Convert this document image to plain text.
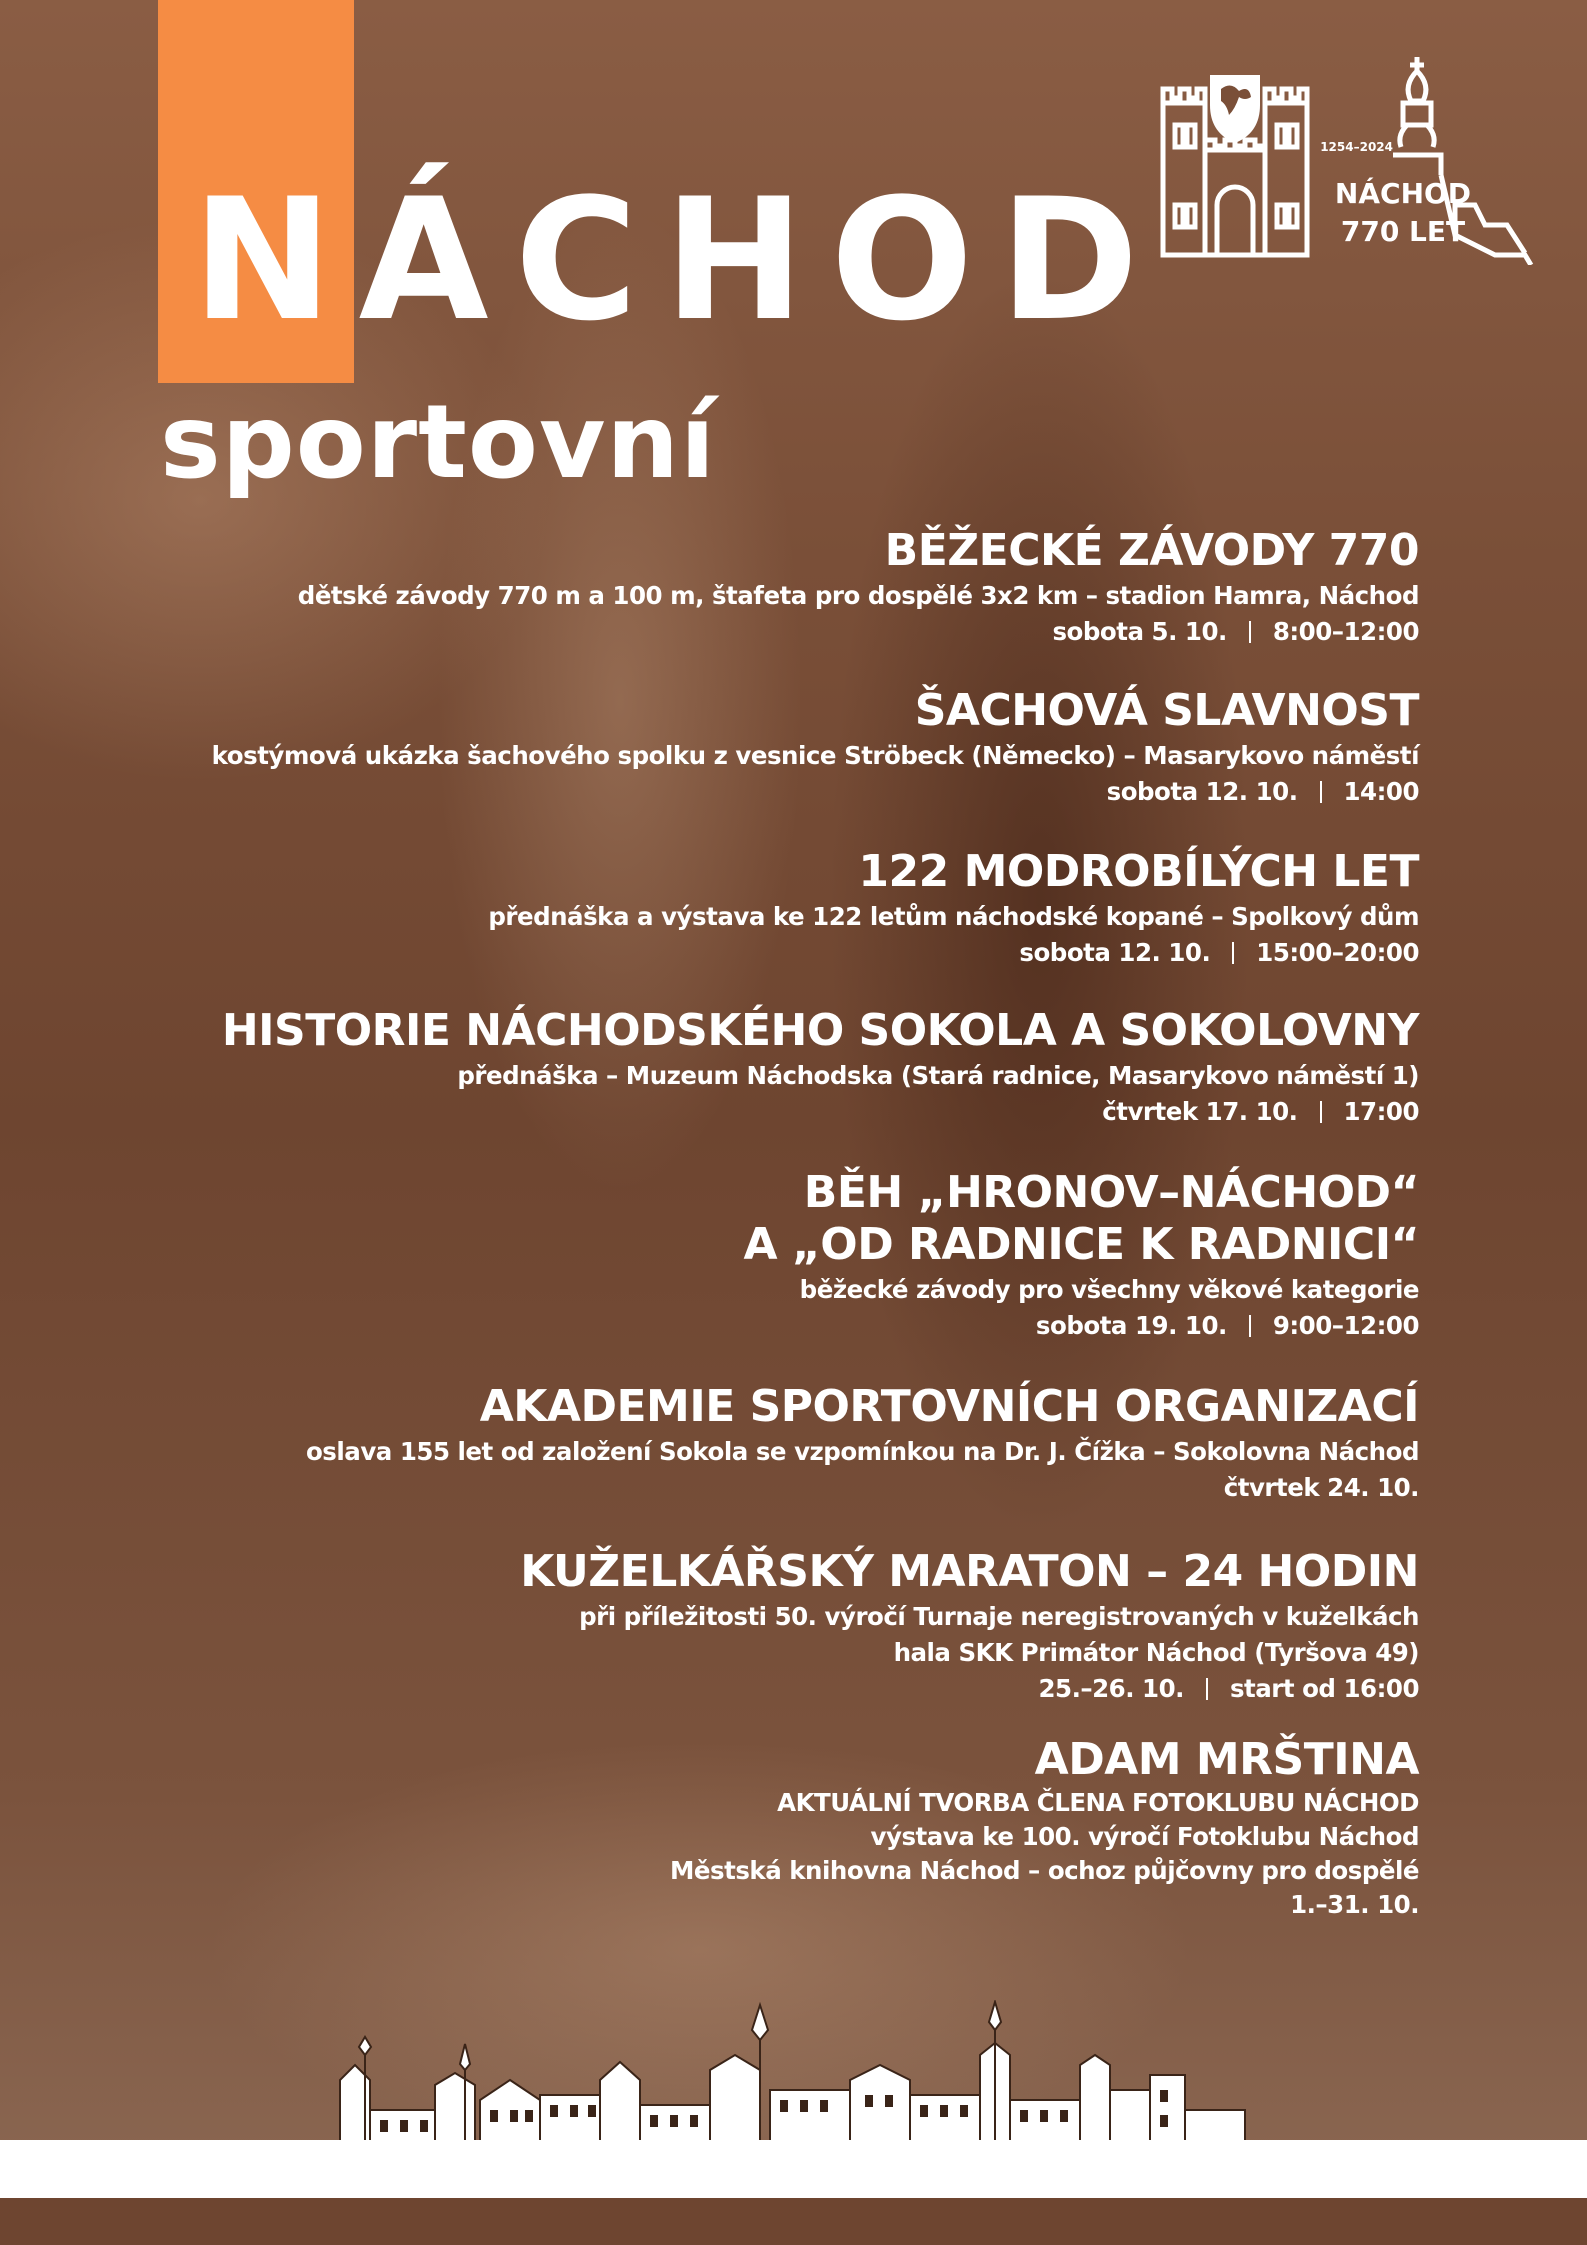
NÁCHOD
sportovní
1254–2024
NÁCHOD
770 LET
BĚŽECKÉ ZÁVODY 770

dětské závody 770 m a 100 m, štafeta pro dospělé 3x2 km – stadion Hamra, Náchod

sobota 5. 10. 8:00–12:00

ŠACHOVÁ SLAVNOST

kostýmová ukázka šachového spolku z vesnice Ströbeck (Německo) – Masarykovo náměstí

sobota 12. 10. 14:00

122 MODROBÍLÝCH LET

přednáška a výstava ke 122 letům náchodské kopané – Spolkový dům

sobota 12. 10. 15:00–20:00

HISTORIE NÁCHODSKÉHO SOKOLA A SOKOLOVNY

přednáška – Muzeum Náchodska (Stará radnice, Masarykovo náměstí 1)

čtvrtek 17. 10. 17:00

BĚH „HRONOV–NÁCHOD“
A „OD RADNICE K RADNICI“

běžecké závody pro všechny věkové kategorie

sobota 19. 10. 9:00–12:00

AKADEMIE SPORTOVNÍCH ORGANIZACÍ

oslava 155 let od založení Sokola se vzpomínkou na Dr. J. Čížka – Sokolovna Náchod

čtvrtek 24. 10.

KUŽELKÁŘSKÝ MARATON – 24 HODIN

při příležitosti 50. výročí Turnaje neregistrovaných v kuželkách

hala SKK Primátor Náchod (Tyršova 49)

25.–26. 10. start od 16:00

ADAM MRŠTINA

AKTUÁLNÍ TVORBA ČLENA FOTOKLUBU NÁCHOD

výstava ke 100. výročí Fotoklubu Náchod

Městská knihovna Náchod – ochoz půjčovny pro dospělé

1.–31. 10.
